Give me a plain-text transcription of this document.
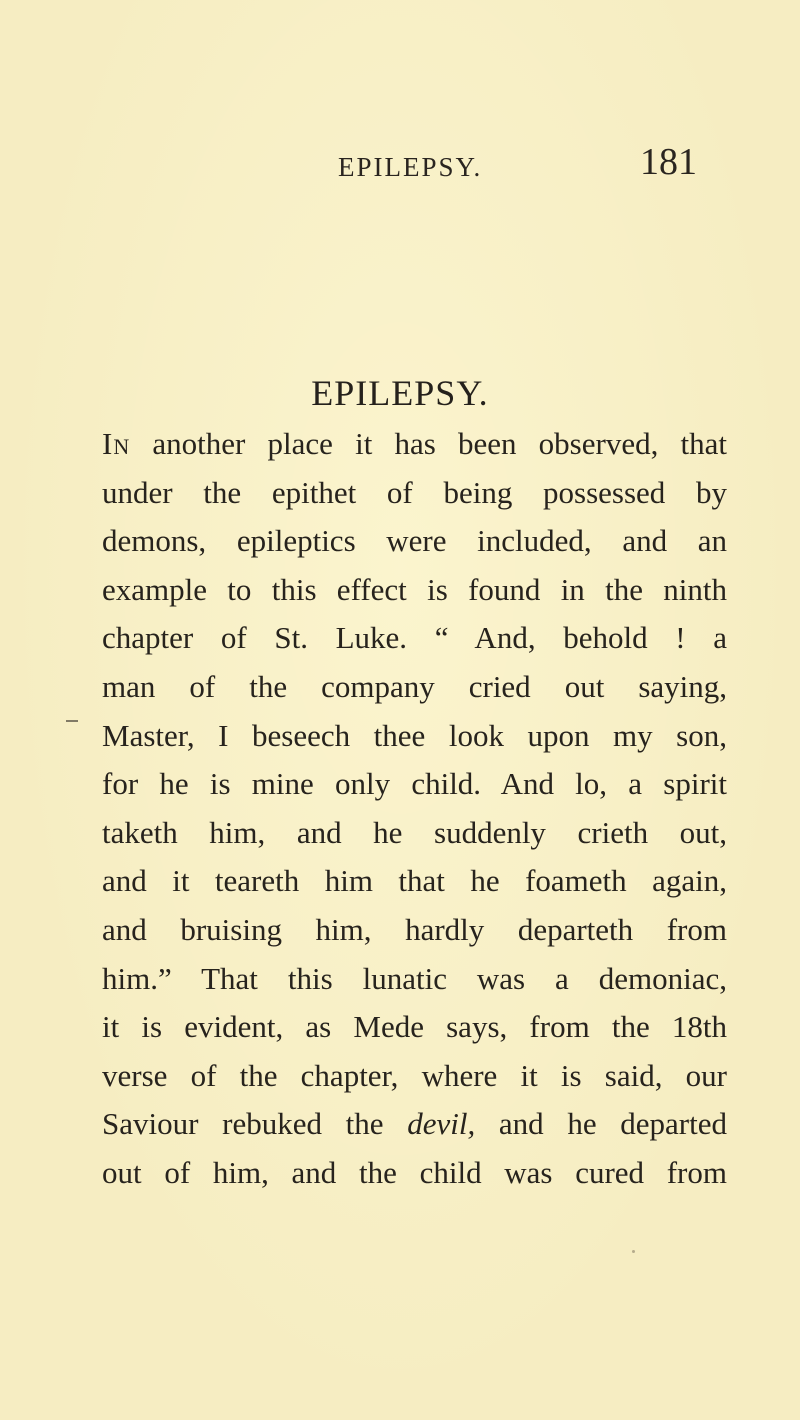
EPILEPSY.	181
EPILEPSY.
In another place it has been observed, that
under the epithet of being possessed by
demons, epileptics were included, and an
example to this effect is found in the ninth
chapter of St. Luke. “ And, behold ! a
man of the company cried out saying,
Master, I beseech thee look upon my son,
for he is mine only child. And lo, a spirit
taketh him, and he suddenly crieth out,
and it teareth him that he foameth again,
and bruising him, hardly departeth from
him.” That this lunatic was a demoniac,
it is evident, as Mede says, from the 18th
verse of the chapter, where it is said, our
Saviour rebuked the devil, and he departed
out of him, and the child was cured from
